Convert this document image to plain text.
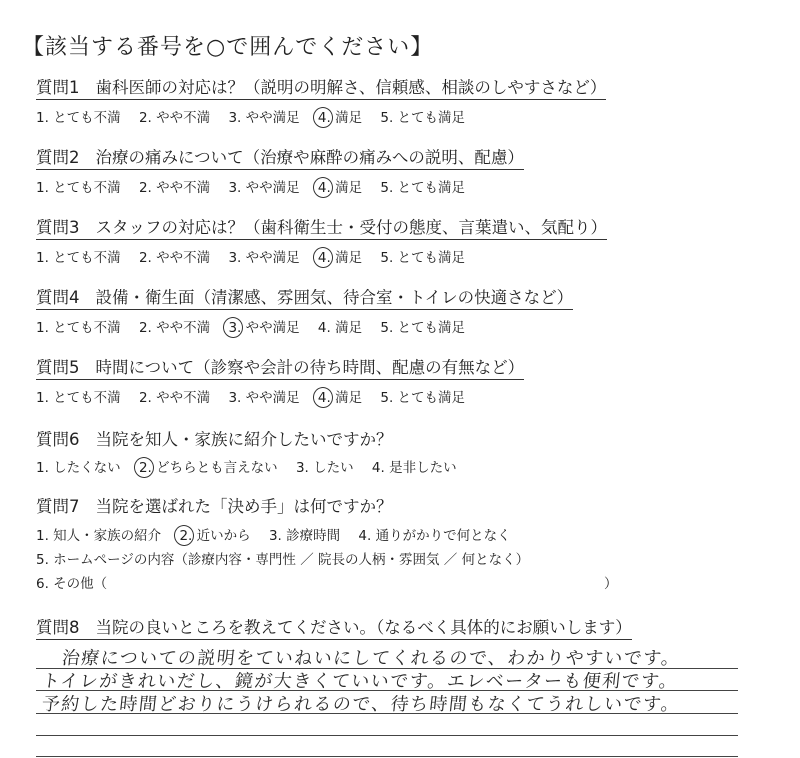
【該当する番号を○で囲んでください】
質問1 歯科医師の対応は？（説明の明解さ、信頼感、相談のしやすさなど）
1. とても不満 2. やや不満 3. やや満足 4. 満足 5. とても満足
質問2 治療の痛みについて（治療や麻酔の痛みへの説明、配慮）
1. とても不満 2. やや不満 3. やや満足 4. 満足 5. とても満足
質問3 スタッフの対応は？（歯科衛生士・受付の態度、言葉遣い、気配り）
1. とても不満 2. やや不満 3. やや満足 4. 満足 5. とても満足
質問4 設備・衛生面（清潔感、雰囲気、待合室・トイレの快適さなど）
1. とても不満 2. やや不満 3. やや満足 4. 満足 5. とても満足
質問5 時間について（診察や会計の待ち時間、配慮の有無など）
1. とても不満 2. やや不満 3. やや満足 4. 満足 5. とても満足
質問6 当院を知人・家族に紹介したいですか？
1. したくない 2. どちらとも言えない 3. したい 4. 是非したい
質問7 当院を選ばれた「決め手」は何ですか？
1. 知人・家族の紹介 2. 近いから 3. 診療時間 4. 通りがかりで何となく
5. ホームページの内容（診療内容・専門性 ／ 院長の人柄・雰囲気 ／ 何となく）
6. その他（	）
質問8 当院の良いところを教えてください。（なるべく具体的にお願いします）
治療についての説明をていねいにしてくれるので、わかりやすいです。
トイレがきれいだし、鏡が大きくていいです。エレベーターも便利です。
予約した時間どおりにうけられるので、待ち時間もなくてうれしいです。
